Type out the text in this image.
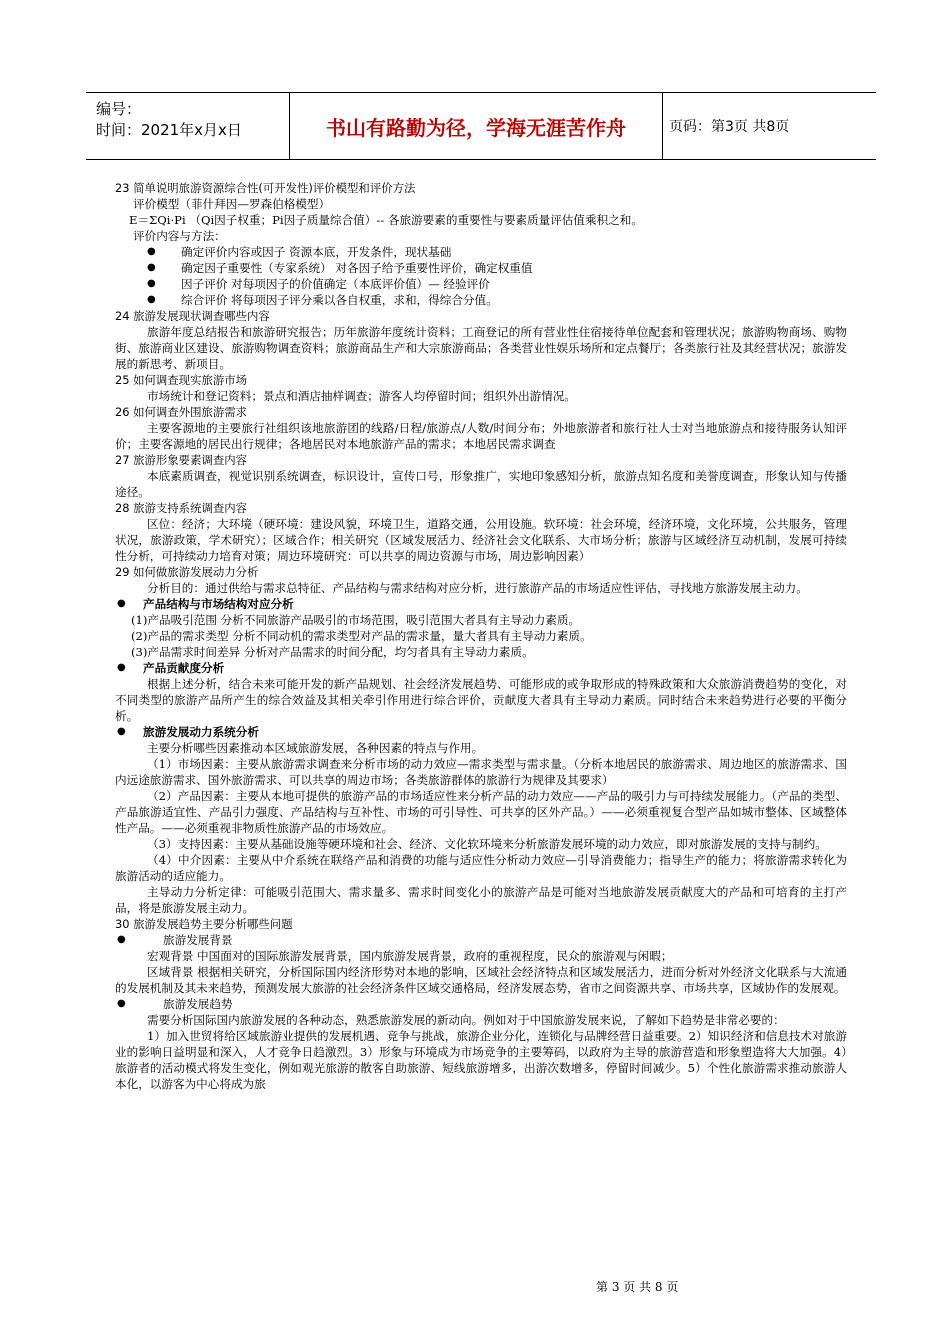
编号：
时间：2021年x月x日	书山有路勤为径，学海无涯苦作舟	页码：第3页 共8页

23 简单说明旅游资源综合性(可开发性)评价模型和评价方法

评价模型（菲什拜因—罗森伯格模型）

E＝ΣQi·Pi （Qi因子权重；Pi因子质量综合值）-- 各旅游要素的重要性与要素质量评估值乘积之和。

评价内容与方法：

● 确定评价内容或因子 资源本底，开发条件，现状基础

● 确定因子重要性（专家系统） 对各因子给予重要性评价，确定权重值

● 因子评价 对每项因子的价值确定（本底评价值）— 经验评价

● 综合评价 将每项因子评分乘以各自权重，求和，得综合分值。

24 旅游发展现状调查哪些内容

旅游年度总结报告和旅游研究报告；历年旅游年度统计资料；工商登记的所有营业性住宿接待单位配套和管理状况；旅游购物商场、购物街、旅游商业区建设、旅游购物调查资料；旅游商品生产和大宗旅游商品；各类营业性娱乐场所和定点餐厅；各类旅行社及其经营状况；旅游发展的新思考、新项目。

25 如何调查现实旅游市场

市场统计和登记资料；景点和酒店抽样调查；游客人均停留时间；组织外出游情况。

26 如何调查外围旅游需求

主要客源地的主要旅行社组织该地旅游团的线路/日程/旅游点/人数/时间分布；外地旅游者和旅行社人士对当地旅游点和接待服务认知评价；主要客源地的居民出行规律；各地居民对本地旅游产品的需求；本地居民需求调查

27 旅游形象要素调查内容

本底素质调查，视觉识别系统调查，标识设计，宣传口号，形象推广，实地印象感知分析，旅游点知名度和美誉度调查，形象认知与传播途径。

28 旅游支持系统调查内容

区位：经济；大环境（硬环境：建设风貌，环境卫生，道路交通，公用设施。软环境：社会环境，经济环境，文化环境，公共服务，管理状况，旅游政策，学术研究）；区域合作；相关研究（区域发展活力、经济社会文化联系、大市场分析；旅游与区域经济互动机制，发展可持续性分析，可持续动力培育对策；周边环境研究：可以共享的周边资源与市场，周边影响因素）

29 如何做旅游发展动力分析

分析目的：通过供给与需求总特征、产品结构与需求结构对应分析，进行旅游产品的市场适应性评估，寻找地方旅游发展主动力。

● 产品结构与市场结构对应分析

(1)产品吸引范围 分析不同旅游产品吸引的市场范围，吸引范围大者具有主导动力素质。

(2)产品的需求类型 分析不同动机的需求类型对产品的需求量，量大者具有主导动力素质。

(3)产品需求时间差异 分析对产品需求的时间分配，均匀者具有主导动力素质。

● 产品贡献度分析

根据上述分析，结合未来可能开发的新产品规划、社会经济发展趋势、可能形成的或争取形成的特殊政策和大众旅游消费趋势的变化，对不同类型的旅游产品所产生的综合效益及其相关牵引作用进行综合评价，贡献度大者具有主导动力素质。同时结合未来趋势进行必要的平衡分析。

● 旅游发展动力系统分析

主要分析哪些因素推动本区域旅游发展，各种因素的特点与作用。

（1）市场因素：主要从旅游需求调查来分析市场的动力效应—需求类型与需求量。（分析本地居民的旅游需求、周边地区的旅游需求、国内远途旅游需求、国外旅游需求、可以共享的周边市场；各类旅游群体的旅游行为规律及其要求）

（2）产品因素：主要从本地可提供的旅游产品的市场适应性来分析产品的动力效应——产品的吸引力与可持续发展能力。（产品的类型、产品旅游适宜性、产品引力强度、产品结构与互补性、市场的可引导性、可共享的区外产品。）——必须重视复合型产品如城市整体、区域整体性产品。——必须重视非物质性旅游产品的市场效应。

（3）支持因素：主要从基础设施等硬环境和社会、经济、文化软环境来分析旅游发展环境的动力效应，即对旅游发展的支持与制约。

（4）中介因素：主要从中介系统在联络产品和消费的功能与适应性分析动力效应—引导消费能力；指导生产的能力；将旅游需求转化为旅游活动的适应能力。

主导动力分析定律：可能吸引范围大、需求量多、需求时间变化小的旅游产品是可能对当地旅游发展贡献度大的产品和可培育的主打产品，将是旅游发展主动力。

30 旅游发展趋势主要分析哪些问题

● 旅游发展背景

宏观背景 中国面对的国际旅游发展背景，国内旅游发展背景，政府的重视程度，民众的旅游观与闲暇；

区域背景 根据相关研究，分析国际国内经济形势对本地的影响，区域社会经济特点和区域发展活力，进而分析对外经济文化联系与大流通的发展机制及其未来趋势，预测发展大旅游的社会经济条件区域交通格局，经济发展态势，省市之间资源共享、市场共享，区域协作的发展观。

● 旅游发展趋势

需要分析国际国内旅游发展的各种动态，熟悉旅游发展的新动向。例如对于中国旅游发展来说，了解如下趋势是非常必要的：

1）加入世贸将给区域旅游业提供的发展机遇、竞争与挑战，旅游企业分化，连锁化与品牌经营日益重要。2）知识经济和信息技术对旅游业的影响日益明显和深入，人才竞争日趋激烈。3）形象与环境成为市场竞争的主要筹码，以政府为主导的旅游营造和形象塑造将大大加强。4）旅游者的活动模式将发生变化，例如观光旅游的散客自助旅游、短线旅游增多，出游次数增多，停留时间减少。5）个性化旅游需求推动旅游人本化，以游客为中心将成为旅

第 3 页 共 8 页
